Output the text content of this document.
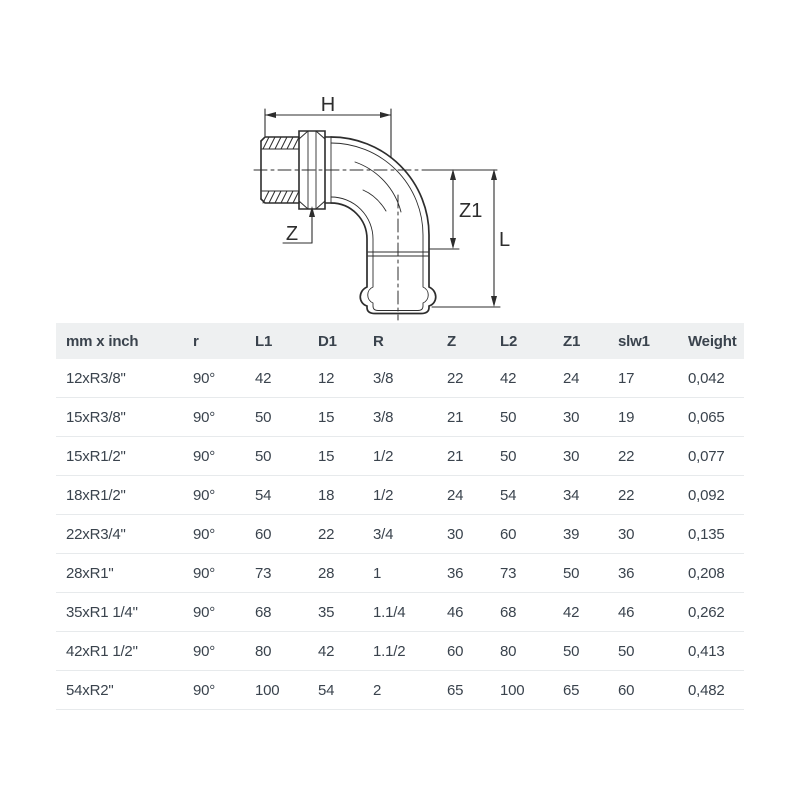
H
Z
Z1
L
mm x inch	r	L1	D1	R	Z	L2	Z1	slw1	Weight
12xR3/8"	90°	42	12	3/8	22	42	24	17	0,042
15xR3/8"	90°	50	15	3/8	21	50	30	19	0,065
15xR1/2"	90°	50	15	1/2	21	50	30	22	0,077
18xR1/2"	90°	54	18	1/2	24	54	34	22	0,092
22xR3/4"	90°	60	22	3/4	30	60	39	30	0,135
28xR1"	90°	73	28	1	36	73	50	36	0,208
35xR1 1/4"	90°	68	35	1.1/4	46	68	42	46	0,262
42xR1 1/2"	90°	80	42	1.1/2	60	80	50	50	0,413
54xR2"	90°	100	54	2	65	100	65	60	0,482
